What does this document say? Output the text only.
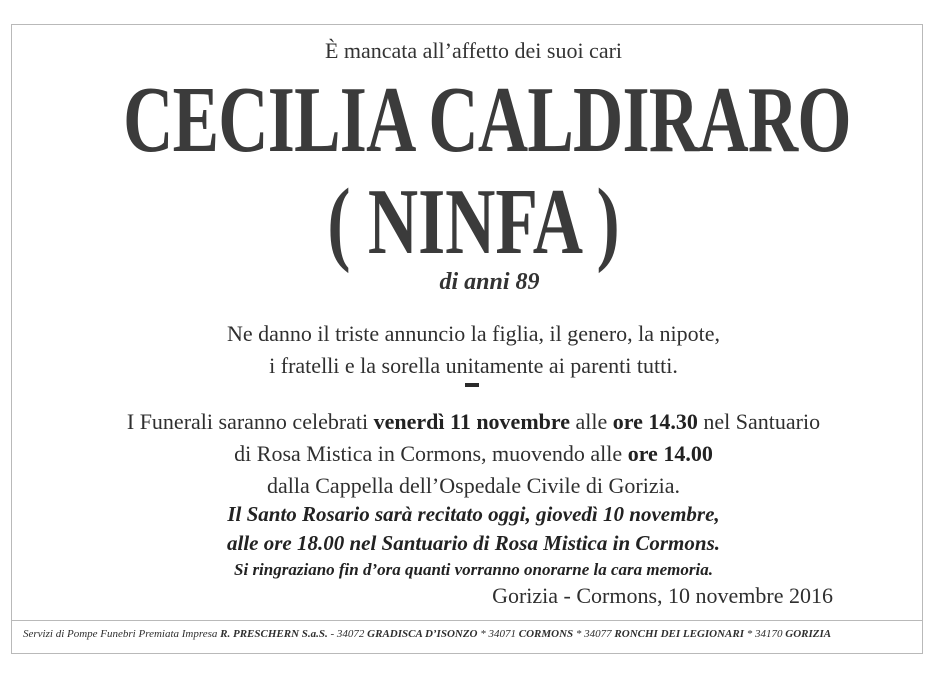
È mancata all’affetto dei suoi cari
CECILIA CALDIRARO
( NINFA )
di anni 89
Ne danno il triste annuncio la figlia, il genero, la nipote,
i fratelli e la sorella unitamente ai parenti tutti.
I Funerali saranno celebrati venerdì 11 novembre alle ore 14.30 nel Santuario
di Rosa Mistica in Cormons, muovendo alle ore 14.00
dalla Cappella dell’Ospedale Civile di Gorizia.
Il Santo Rosario sarà recitato oggi, giovedì 10 novembre,
alle ore 18.00 nel Santuario di Rosa Mistica in Cormons.
Si ringraziano fin d’ora quanti vorranno onorarne la cara memoria.
Gorizia - Cormons, 10 novembre 2016
Servizi di Pompe Funebri Premiata Impresa R. PRESCHERN S.a.S. - 34072 GRADISCA D’ISONZO * 34071 CORMONS * 34077 RONCHI DEI LEGIONARI * 34170 GORIZIA
